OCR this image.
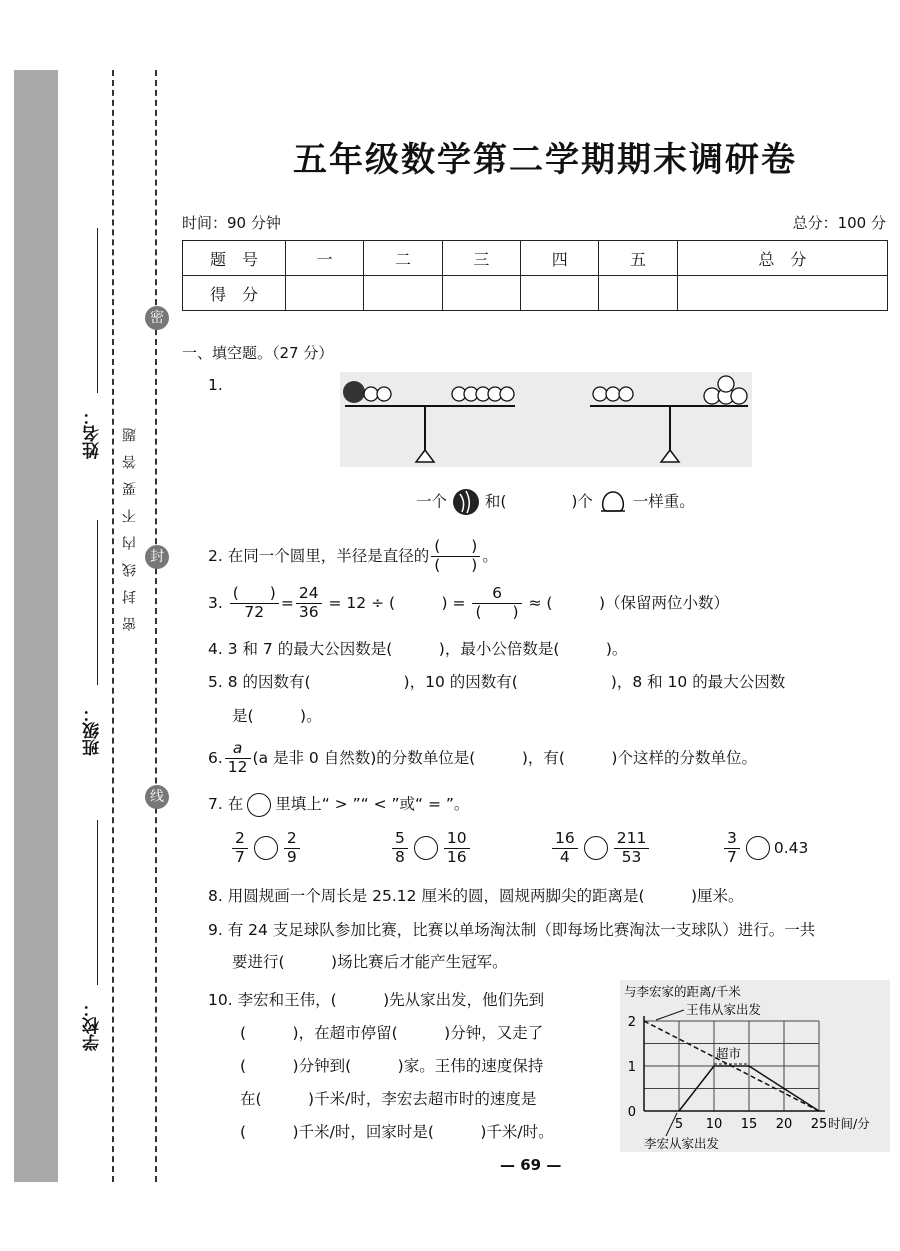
学校：
班级：
姓名：
密
封
线
密封线内不要答题
五年级数学第二学期期末调研卷
时间：90 分钟	总分：100 分
题　号	一	二	三	四	五	总　分
得　分						
一、填空题。（27 分）
1.
一个 和(	)个	一样重。
2. 在同一个圆里，半径是直径的 $\frac{( )}{( )}$ 。
3. $\frac{( )}{72} = \frac{24}{36} = 12$ ÷ (　　　) = $\frac{6}{( )}$ ≈ (　　　)（保留两位小数）
4. 3 和 7 的最大公因数是(　　　)，最小公倍数是(　　　)。
5. 8 的因数有(　　　　　　)，10 的因数有(　　　　　　)，8 和 10 的最大公因数
是(　　　)。
6. $\frac{a}{12} (a$ 是非 0 自然数)的分数单位是(　　　)，有(　　　)个这样的分数单位。
7. 在 里填上“ > ”“ < ”或“ = ”。
$\frac{2}{7} \frac{2}{9}$	$\frac{5}{8} \frac{10}{16}$	$\frac{16}{4} \frac{211}{53}$	$\frac{3}{7} 0.43$
8. 用圆规画一个周长是 25.12 厘米的圆，圆规两脚尖的距离是(　　　)厘米。
9. 有 24 支足球队参加比赛，比赛以单场淘汰制（即每场比赛淘汰一支球队）进行。一共
要进行(　　　)场比赛后才能产生冠军。
10. 李宏和王伟，(　　　)先从家出发，他们先到
(　　　)，在超市停留(　　　)分钟，又走了
(　　　)分钟到(　　　)家。王伟的速度保持
在(　　　)千米/时，李宏去超市时的速度是
(　　　)千米/时，回家时是(　　　)千米/时。
与李宏家的距离/千米
2
1
0
5 10 15 20 25 时间/分
王伟从家出发
超市
李宏从家出发
— 69 —
